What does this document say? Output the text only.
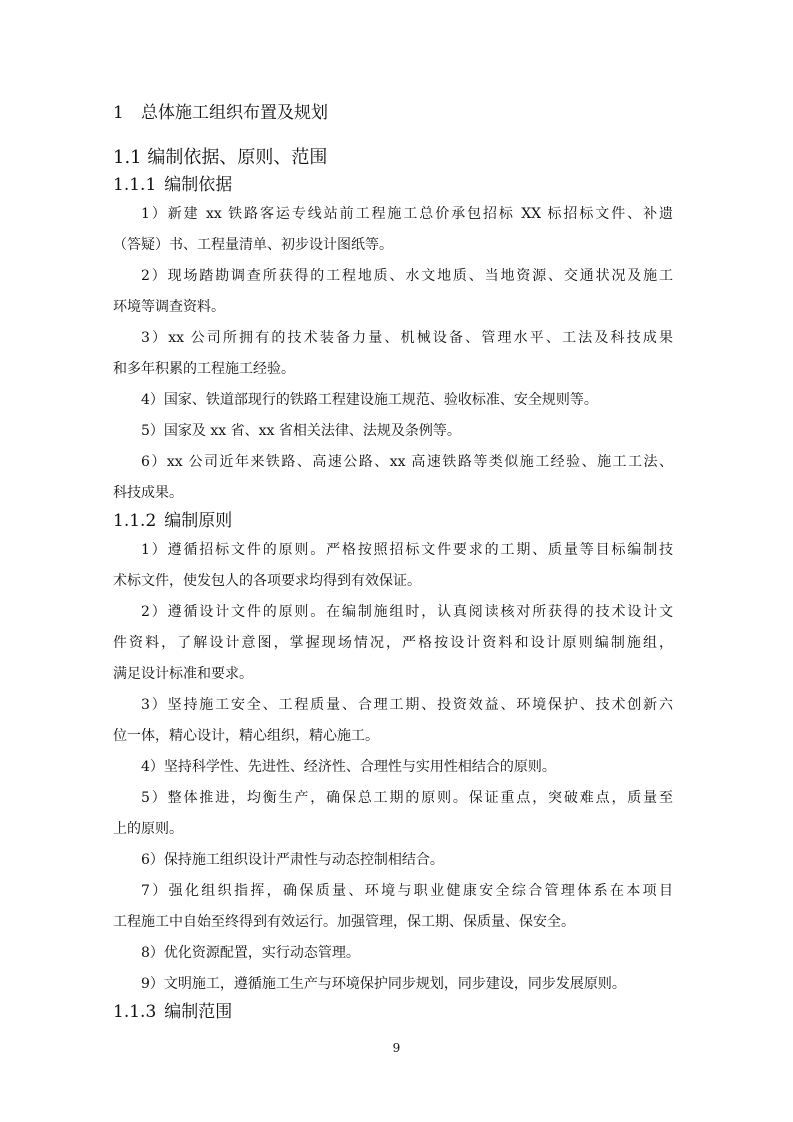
1 总体施工组织布置及规划
1.1 编制依据、原则、范围
1.1.1 编制依据
1）新建 xx 铁路客运专线站前工程施工总价承包招标 XX 标招标文件、补遗
（答疑）书、工程量清单、初步设计图纸等。
2）现场踏勘调查所获得的工程地质、水文地质、当地资源、交通状况及施工
环境等调查资料。
3）xx 公司所拥有的技术装备力量、机械设备、管理水平、工法及科技成果
和多年积累的工程施工经验。
4）国家、铁道部现行的铁路工程建设施工规范、验收标准、安全规则等。
5）国家及 xx 省、xx 省相关法律、法规及条例等。
6）xx 公司近年来铁路、高速公路、xx 高速铁路等类似施工经验、施工工法、
科技成果。
1.1.2 编制原则
1）遵循招标文件的原则。严格按照招标文件要求的工期、质量等目标编制技
术标文件，使发包人的各项要求均得到有效保证。
2）遵循设计文件的原则。在编制施组时，认真阅读核对所获得的技术设计文
件资料，了解设计意图，掌握现场情况，严格按设计资料和设计原则编制施组，
满足设计标准和要求。
3）坚持施工安全、工程质量、合理工期、投资效益、环境保护、技术创新六
位一体，精心设计，精心组织，精心施工。
4）坚持科学性、先进性、经济性、合理性与实用性相结合的原则。
5）整体推进，均衡生产，确保总工期的原则。保证重点，突破难点，质量至
上的原则。
6）保持施工组织设计严肃性与动态控制相结合。
7）强化组织指挥，确保质量、环境与职业健康安全综合管理体系在本项目
工程施工中自始至终得到有效运行。加强管理，保工期、保质量、保安全。
8）优化资源配置，实行动态管理。
9）文明施工，遵循施工生产与环境保护同步规划，同步建设，同步发展原则。
1.1.3 编制范围
9
